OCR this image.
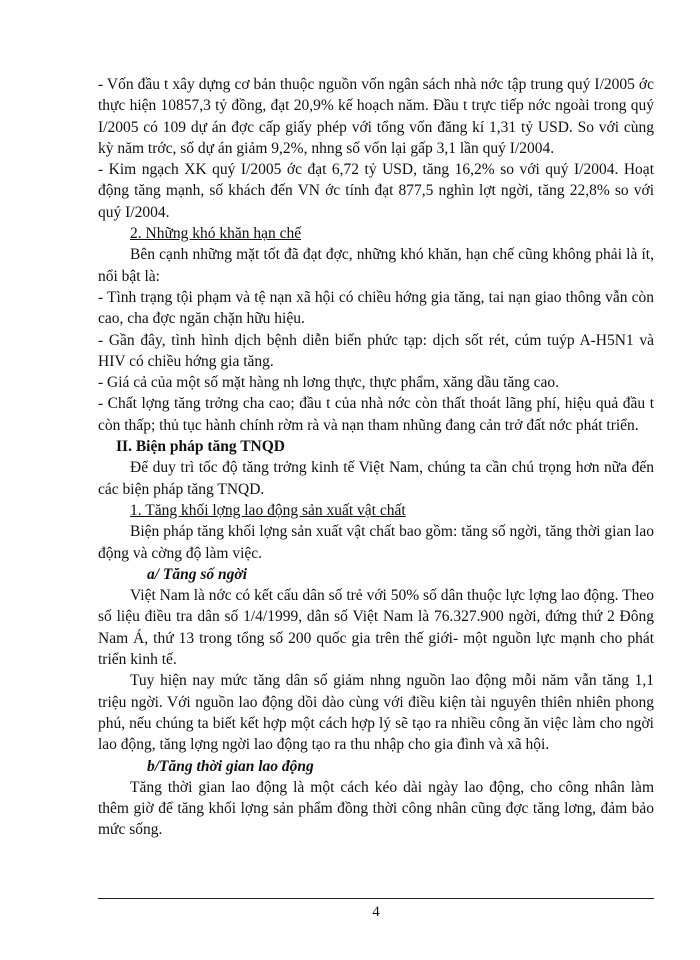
- Vốn đầu t xây dựng cơ bản thuộc nguồn vốn ngân sách nhà nớc tập trung quý I/2005 ớc thực hiện 10857,3 tỷ đồng, đạt 20,9% kế hoạch năm. Đầu t trực tiếp nớc ngoài trong quý I/2005 có 109 dự án đợc cấp giấy phép với tổng vốn đăng kí 1,31 tỷ USD. So với cùng kỳ năm trớc, số dự án giảm 9,2%, nhng số vốn lại gấp 3,1 lần quý I/2004.

- Kim ngạch XK quý I/2005 ớc đạt 6,72 tỷ USD, tăng 16,2% so với quý I/2004. Hoạt động tăng mạnh, số khách đến VN ớc tính đạt 877,5 nghìn lợt ngời, tăng 22,8% so với quý I/2004.

2. Những khó khăn hạn chế

Bên cạnh những mặt tốt đã đạt đợc, những khó khăn, hạn chế cũng không phải là ít, nổi bật là:

- Tình trạng tội phạm và tệ nạn xã hội có chiều hớng gia tăng, tai nạn giao thông vẫn còn cao, cha đợc ngăn chặn hữu hiệu.

- Gần đây, tình hình dịch bệnh diễn biến phức tạp: dịch sốt rét, cúm tuýp A-H5N1 và HIV có chiều hớng gia tăng.

- Giá cả của một số mặt hàng nh lơng thực, thực phẩm, xăng dầu tăng cao.

- Chất lợng tăng trởng cha cao; đầu t của nhà nớc còn thất thoát lãng phí, hiệu quả đầu t còn thấp; thủ tục hành chính rờm rà và nạn tham nhũng đang cản trở đất nớc phát triển.

II. Biện pháp tăng TNQD

Để duy trì tốc độ tăng trởng kinh tế Việt Nam, chúng ta cần chú trọng hơn nữa đến các biện pháp tăng TNQD.

1. Tăng khối lợng lao động sản xuất vật chất

Biện pháp tăng khối lợng sản xuất vật chất bao gồm: tăng số ngời, tăng thời gian lao động và cờng độ làm việc.

a/ Tăng số ngời

Việt Nam là nớc có kết cấu dân số trẻ với 50% số dân thuộc lực lợng lao động. Theo số liệu điều tra dân số 1/4/1999, dân số Việt Nam là 76.327.900 ngời, đứng thứ 2 Đông Nam Á, thứ 13 trong tổng số 200 quốc gia trên thế giới- một nguồn lực mạnh cho phát triển kinh tế.

Tuy hiện nay mức tăng dân số giảm nhng nguồn lao động mỗi năm vẫn tăng 1,1 triệu ngời. Với nguồn lao động dồi dào cùng với điều kiện tài nguyên thiên nhiên phong phú, nếu chúng ta biết kết hợp một cách hợp lý sẽ tạo ra nhiều công ăn việc làm cho ngời lao động, tăng lợng ngời lao động tạo ra thu nhập cho gia đình và xã hội.

b/Tăng thời gian lao động

Tăng thời gian lao động là một cách kéo dài ngày lao động, cho công nhân làm thêm giờ để tăng khối lợng sản phẩm đồng thời công nhân cũng đợc tăng lơng, đảm bảo mức sống.

4
